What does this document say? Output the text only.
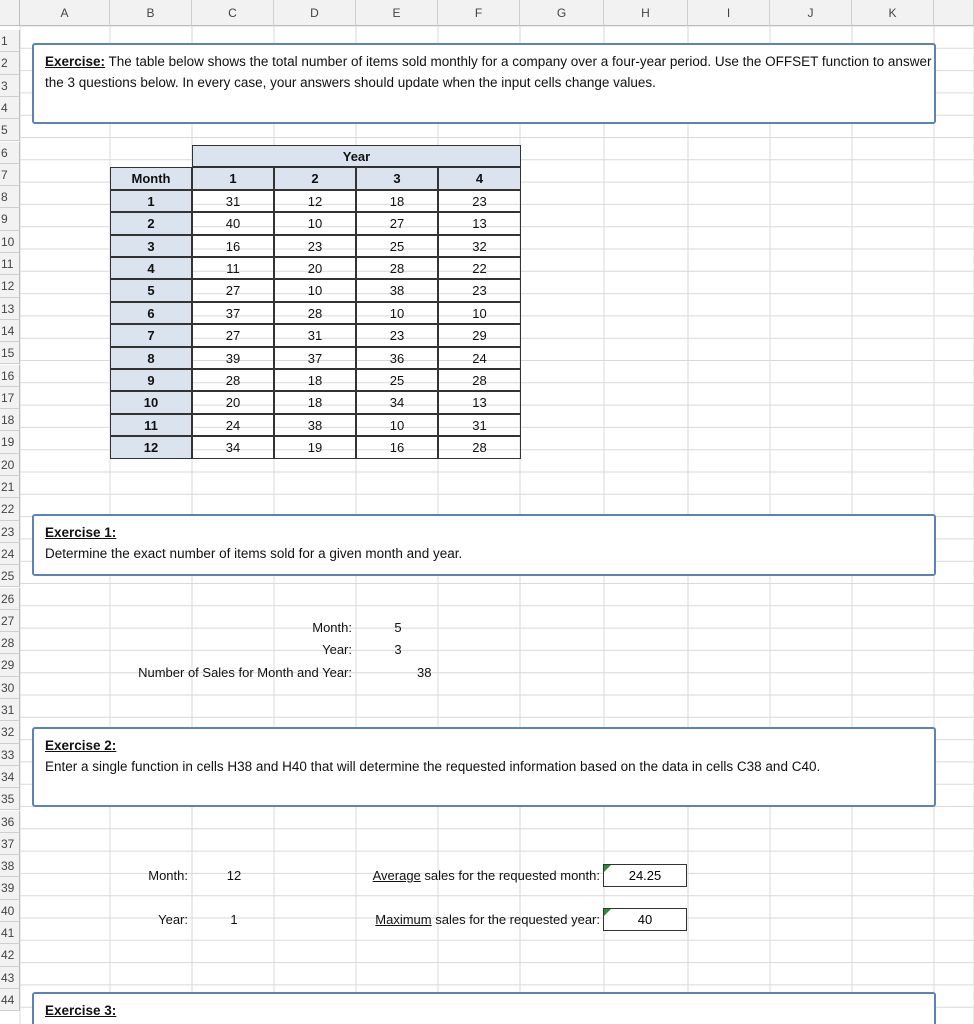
A	B	C	D	E	F	G	H	I	J	K
1
2
3
4
5
6
7
8
9
10
11
12
13
14
15
16
17
18
19
20
21
22
23
24
25
26
27
28
29
30
31
32
33
34
35
36
37
38
39
40
41
42
43
44
Exercise: The table below shows the total number of items sold monthly for a company over a four-year period. Use the OFFSET function to answer the 3 questions below. In every case, your answers should update when the input cells change values.
Year
Month	1	2	3	4
1	31	12	18	23
2	40	10	27	13
3	16	23	25	32
4	11	20	28	22
5	27	10	38	23
6	37	28	10	10
7	27	31	23	29
8	39	37	36	24
9	28	18	25	28
10	20	18	34	13
11	24	38	10	31
12	34	19	16	28
Exercise 1:
Determine the exact number of items sold for a given month and year.
Month:	5
Year:	3
Number of Sales for Month and Year:	38
Exercise 2:
Enter a single function in cells H38 and H40 that will determine the requested information based on the data in cells C38 and C40.
Month:	12
Year:	1
Average sales for the requested month:	24.25
Maximum sales for the requested year:	40
Exercise 3:
